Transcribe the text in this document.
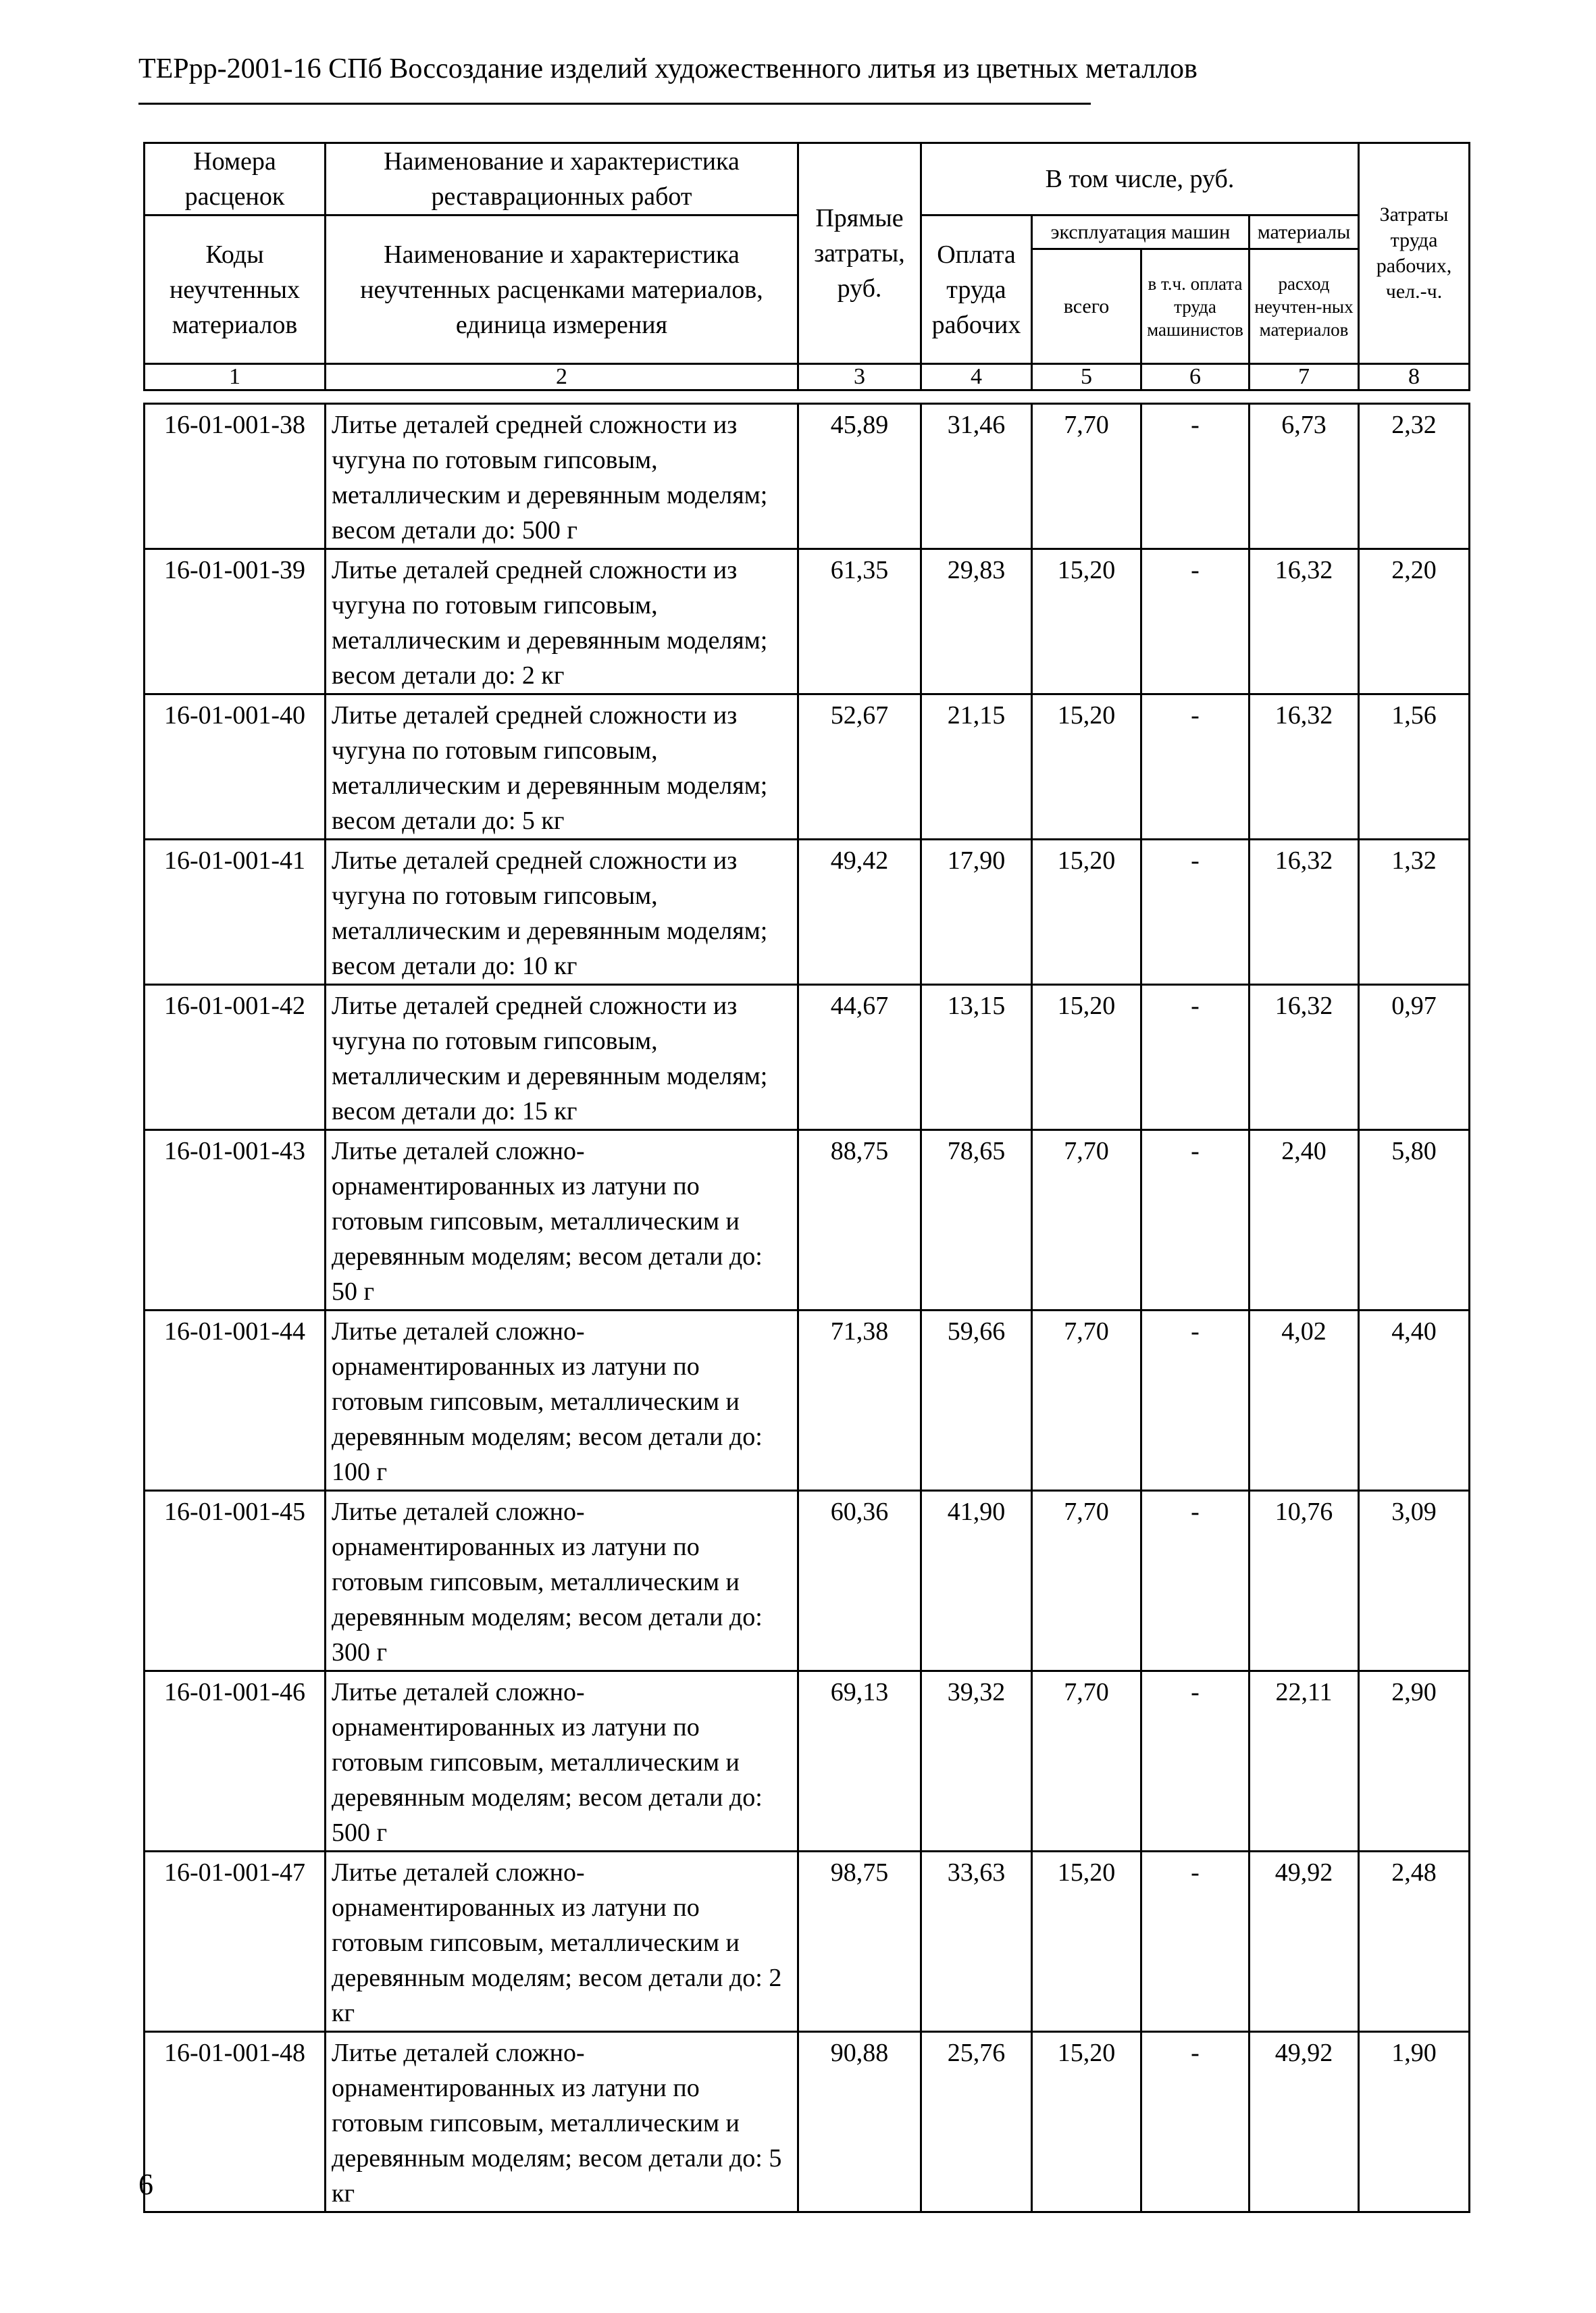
ТЕРрр-2001-16 СПб Воссоздание изделий художественного литья из цветных металлов
Номера расценок	Наименование и характеристика реставрационных работ	Прямые затраты, руб.	В том числе, руб.				Затраты труда рабочих, чел.-ч.
Коды неучтенных материалов	Наименование и характеристика неучтенных расценками материалов, единица измерения		Оплата труда рабочих	эксплуатация машин		материалы	
				всего	в т.ч. оплата труда машинистов	расход неучтен-ных материалов	
1	2	3	4	5	6	7	8
16-01-001-38	Литье деталей средней сложности из чугуна по готовым гипсовым, металлическим и деревянным моделям; весом детали до: 500 г	45,89	31,46	7,70	-	6,73	2,32
16-01-001-39	Литье деталей средней сложности из чугуна по готовым гипсовым, металлическим и деревянным моделям; весом детали до: 2 кг	61,35	29,83	15,20	-	16,32	2,20
16-01-001-40	Литье деталей средней сложности из чугуна по готовым гипсовым, металлическим и деревянным моделям; весом детали до: 5 кг	52,67	21,15	15,20	-	16,32	1,56
16-01-001-41	Литье деталей средней сложности из чугуна по готовым гипсовым, металлическим и деревянным моделям; весом детали до: 10 кг	49,42	17,90	15,20	-	16,32	1,32
16-01-001-42	Литье деталей средней сложности из чугуна по готовым гипсовым, металлическим и деревянным моделям; весом детали до: 15 кг	44,67	13,15	15,20	-	16,32	0,97
16-01-001-43	Литье деталей сложно-орнаментированных из латуни по готовым гипсовым, металлическим и деревянным моделям; весом детали до: 50 г	88,75	78,65	7,70	-	2,40	5,80
16-01-001-44	Литье деталей сложно-орнаментированных из латуни по готовым гипсовым, металлическим и деревянным моделям; весом детали до: 100 г	71,38	59,66	7,70	-	4,02	4,40
16-01-001-45	Литье деталей сложно-орнаментированных из латуни по готовым гипсовым, металлическим и деревянным моделям; весом детали до: 300 г	60,36	41,90	7,70	-	10,76	3,09
16-01-001-46	Литье деталей сложно-орнаментированных из латуни по готовым гипсовым, металлическим и деревянным моделям; весом детали до: 500 г	69,13	39,32	7,70	-	22,11	2,90
16-01-001-47	Литье деталей сложно-орнаментированных из латуни по готовым гипсовым, металлическим и деревянным моделям; весом детали до: 2 кг	98,75	33,63	15,20	-	49,92	2,48
16-01-001-48	Литье деталей сложно-орнаментированных из латуни по готовым гипсовым, металлическим и деревянным моделям; весом детали до: 5 кг	90,88	25,76	15,20	-	49,92	1,90
6
